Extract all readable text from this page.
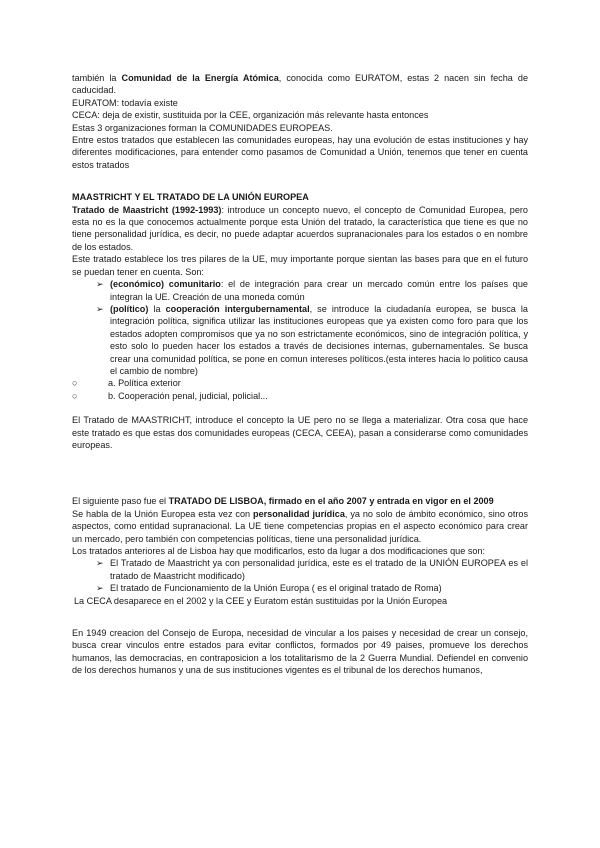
también la Comunidad de la Energía Atómica, conocida como EURATOM, estas 2 nacen sin fecha de caducidad.

EURATOM: todavía existe

CECA: deja de existir, sustituida por la CEE, organización más relevante hasta entonces

Estas 3 organizaciones forman la COMUNIDADES EUROPEAS.

Entre estos tratados que establecen las comunidades europeas, hay una evolución de estas instituciones y hay diferentes modificaciones, para entender como pasamos de Comunidad a Unión, tenemos que tener en cuenta estos tratados

MAASTRICHT Y EL TRATADO DE LA UNIÓN EUROPEA

Tratado de Maastricht (1992-1993): introduce un concepto nuevo, el concepto de Comunidad Europea, pero esta no es la que conocemos actualmente porque esta Unión del tratado, la característica que tiene es que no tiene personalidad jurídica, es decir, no puede adaptar acuerdos supranacionales para los estados o en nombre de los estados.

Este tratado establece los tres pilares de la UE, muy importante porque sientan las bases para que en el futuro se puedan tener en cuenta. Son:

➢ (económico) comunitario: el de integración para crear un mercado común entre los países que integran la UE. Creación de una moneda común
➢ (político) la cooperación intergubernamental, se introduce la ciudadanía europea, se busca la integración política, significa utilizar las instituciones europeas que ya existen como foro para que los estados adopten compromisos que ya no son estrictamente económicos, sino de integración política, y esto solo lo pueden hacer los estados a través de decisiones internas, gubernamentales. Se busca crear una comunidad política, se pone en comun intereses políticos.(esta interes hacia lo politico causa el cambio de nombre)
○	a. Política exterior
○	b. Cooperación penal, judicial, policial...

El Tratado de MAASTRICHT, introduce el concepto la UE pero no se llega a materializar. Otra cosa que hace este tratado es que estas dos comunidades europeas (CECA, CEEA), pasan a considerarse como comunidades europeas.

El siguiente paso fue el TRATADO DE LISBOA, firmado en el año 2007 y entrada en vigor en el 2009

Se habla de la Unión Europea esta vez con personalidad jurídica, ya no solo de ámbito económico, sino otros aspectos, como entidad supranacional. La UE tiene competencias propias en el aspecto económico para crear un mercado, pero también con competencias políticas, tiene una personalidad jurídica.

Los tratados anteriores al de Lisboa hay que modificarlos, esto da lugar a dos modificaciones que son:

➢ El Tratado de Maastricht ya con personalidad jurídica, este es el tratado de la UNIÓN EUROPEA es el tratado de Maastricht modificado)
➢ El tratado de Funcionamiento de la Unión Europa ( es el original tratado de Roma)

La CECA desaparece en el 2002 y la CEE y Euratom están sustituidas por la Unión Europea

En 1949 creacion del Consejo de Europa, necesidad de vincular a los paises y necesidad de crear un consejo, busca crear vinculos entre estados para evitar conflictos, formados por 49 paises, promueve los derechos humanos, las democracias, en contraposicion a los totalitarismo de la 2 Guerra Mundial. Defiendel en convenio de los derechos humanos y una de sus instituciones vigentes es el tribunal de los derechos humanos,
